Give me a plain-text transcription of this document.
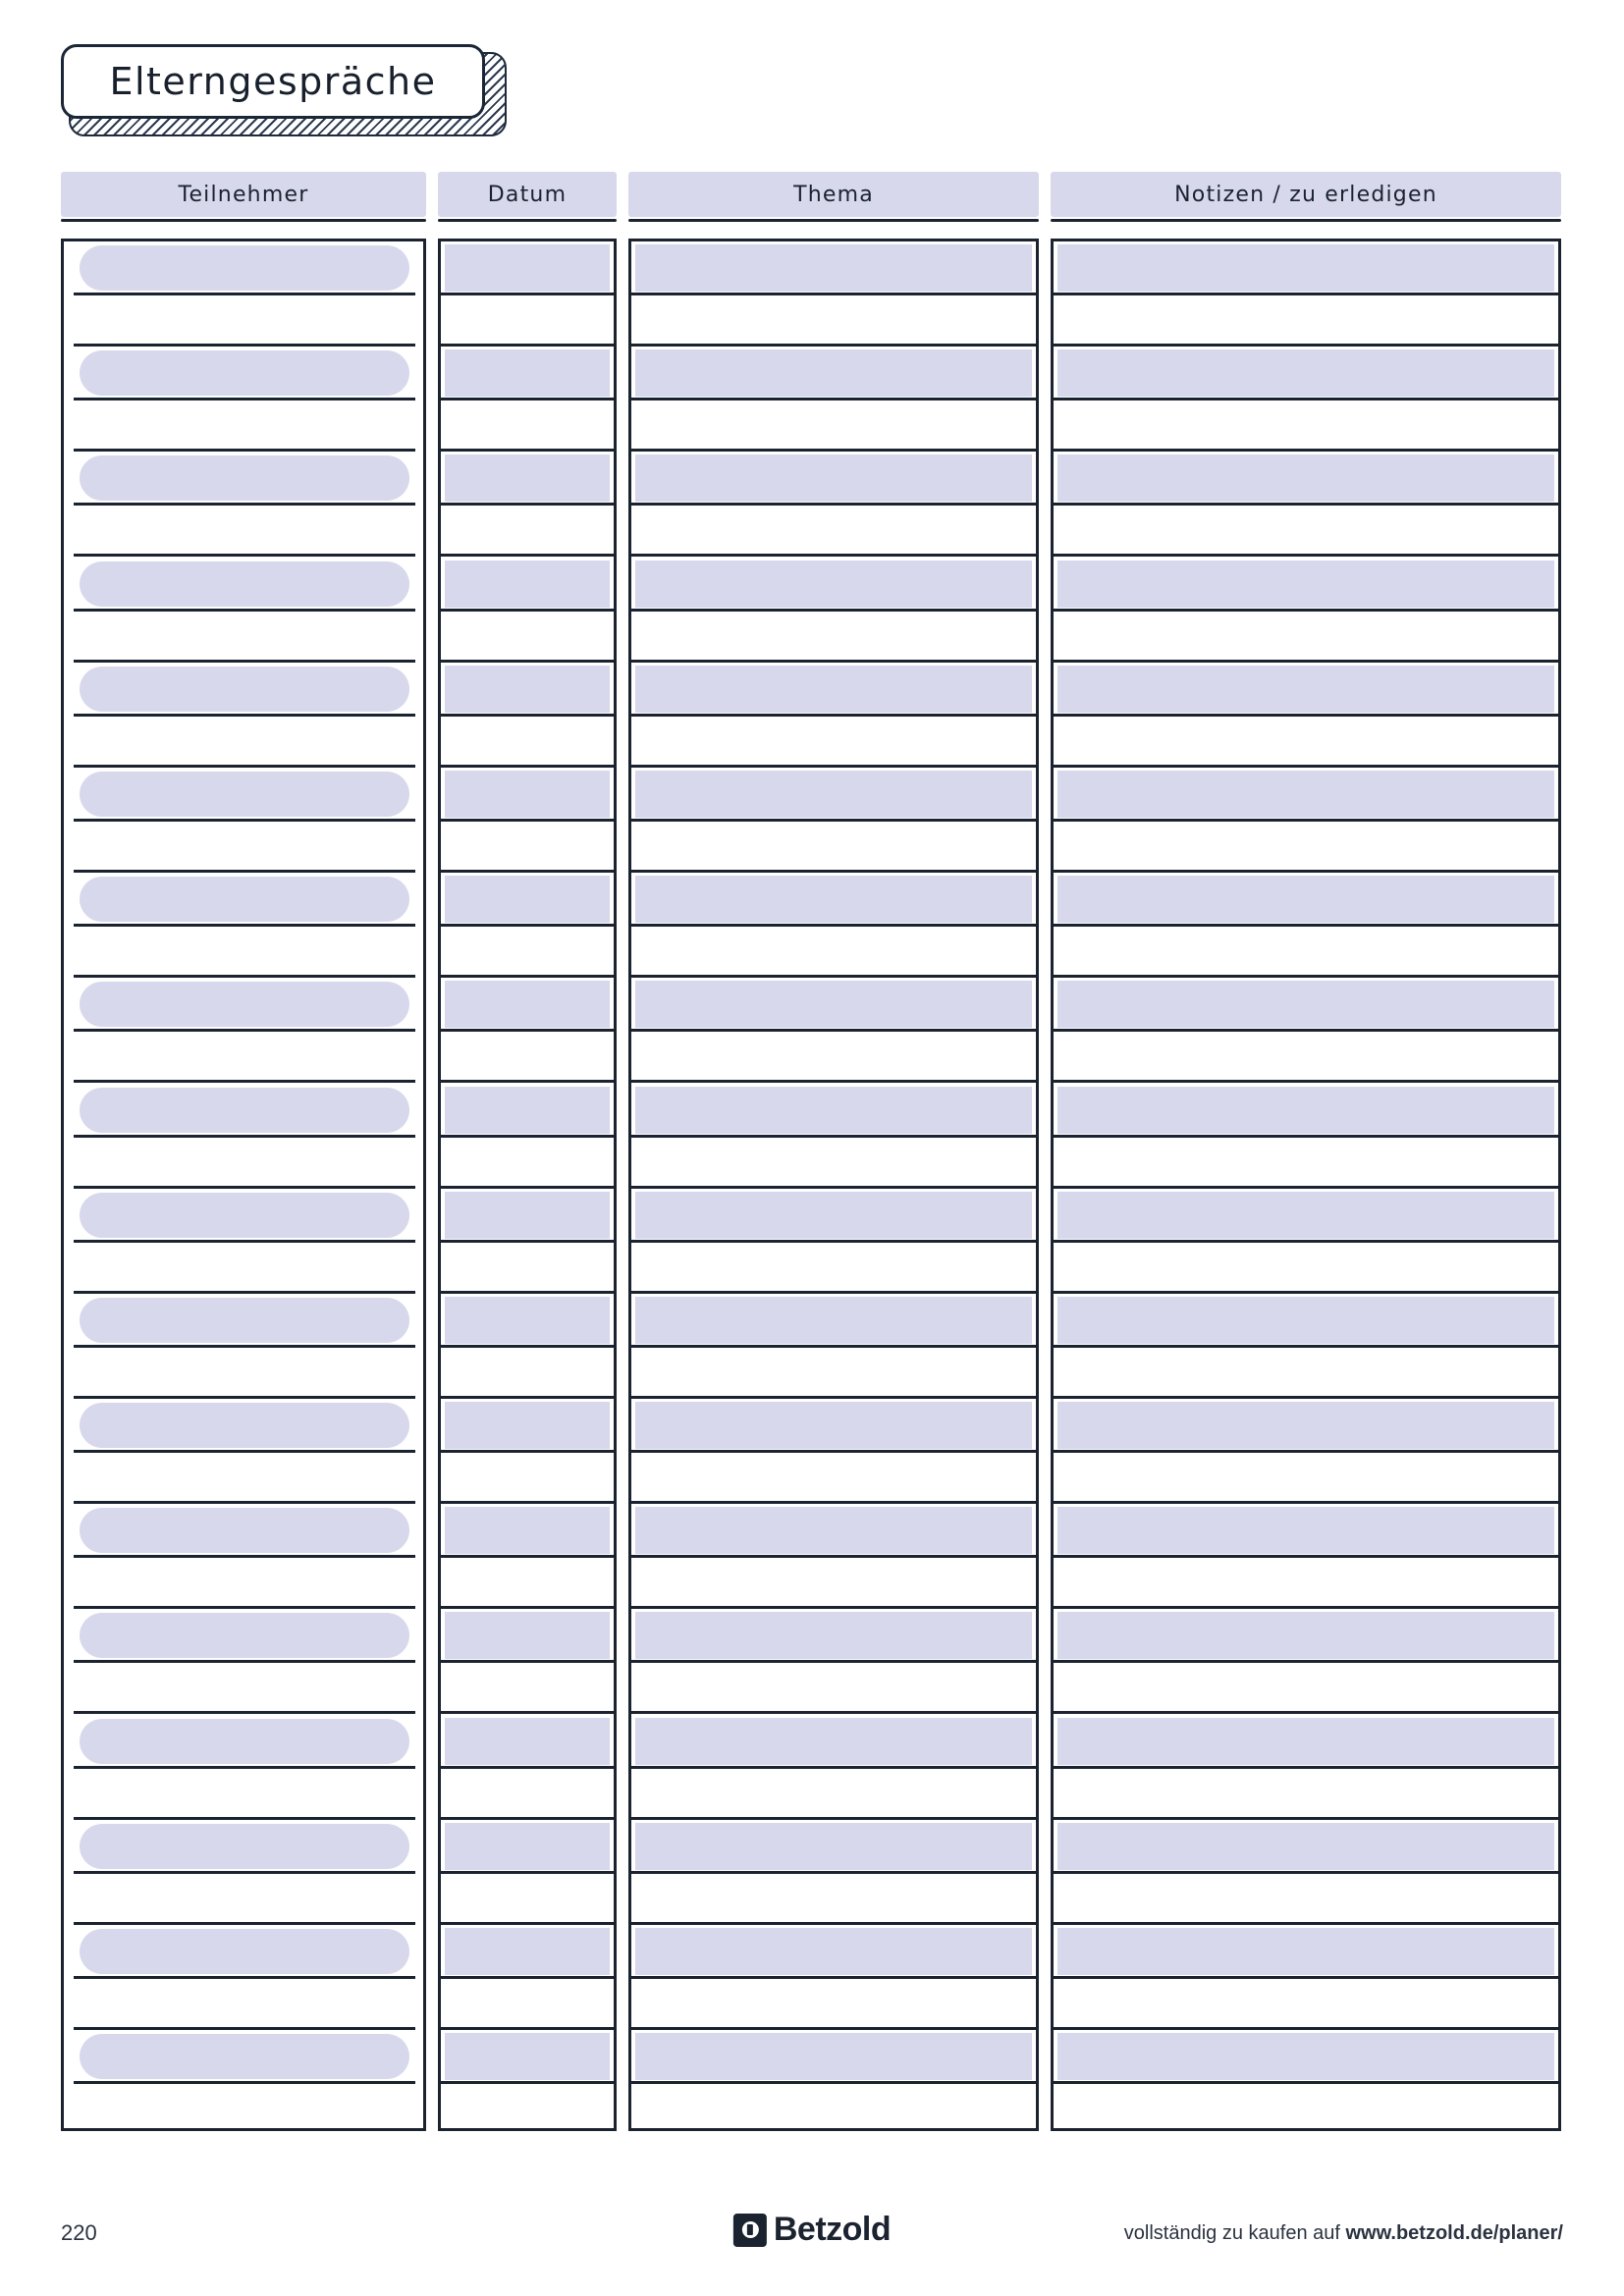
Elterngespräche
Teilnehmer	Datum	Thema	Notizen / zu erledigen
220	Betzold	vollständig zu kaufen auf www.betzold.de/planer/
